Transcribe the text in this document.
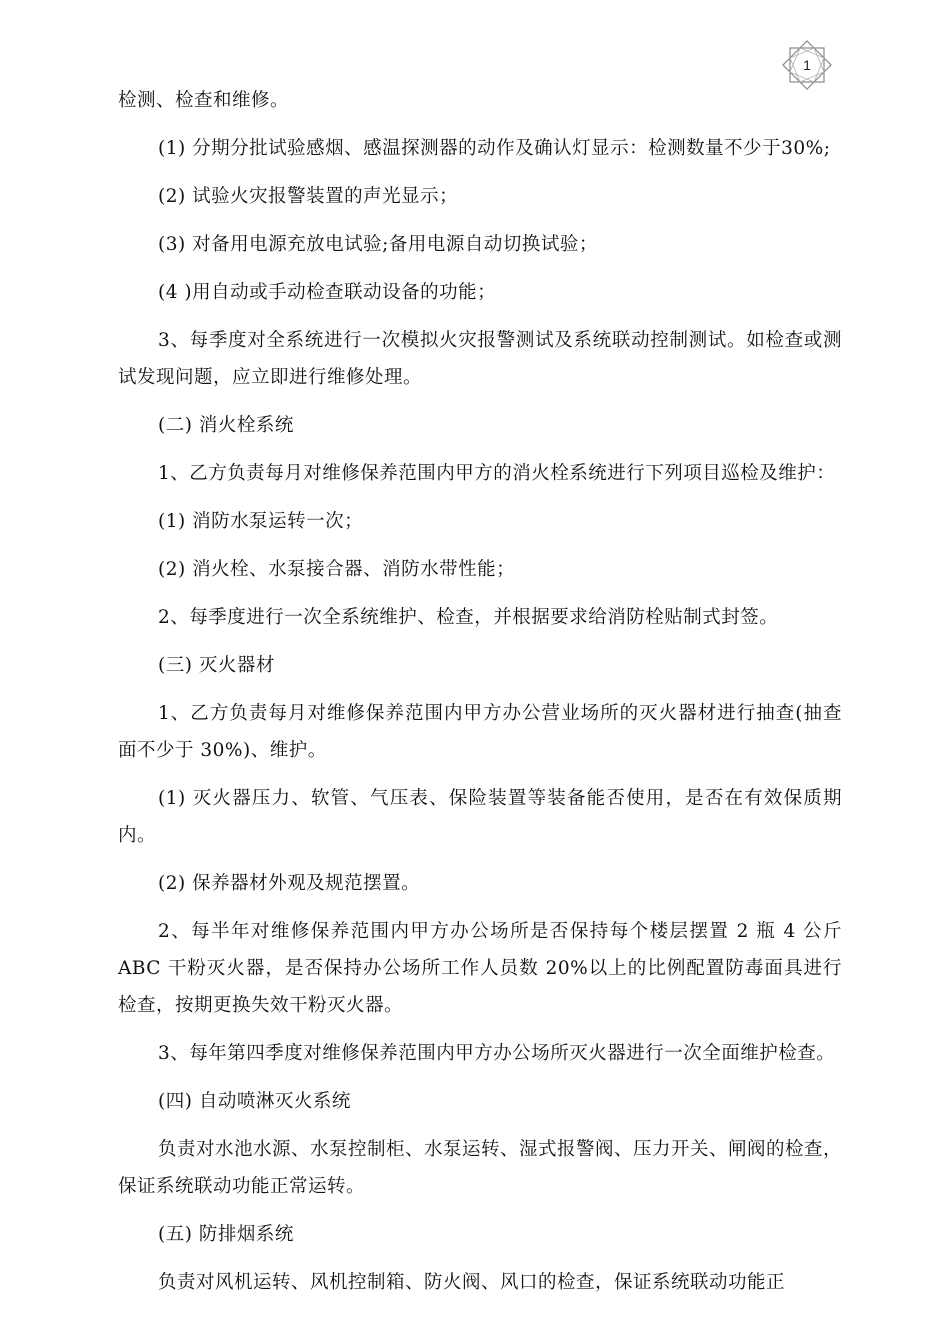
1

检测、检查和维修。

(1) 分期分批试验感烟、感温探测器的动作及确认灯显示：检测数量不少于30%;

(2) 试验火灾报警装置的声光显示；

(3) 对备用电源充放电试验;备用电源自动切换试验；

(4 )用自动或手动检查联动设备的功能；

3、每季度对全系统进行一次模拟火灾报警测试及系统联动控制测试。如检查或测试发现问题，应立即进行维修处理。

(二) 消火栓系统

1、乙方负责每月对维修保养范围内甲方的消火栓系统进行下列项目巡检及维护：

(1) 消防水泵运转一次；

(2) 消火栓、水泵接合器、消防水带性能；

2、每季度进行一次全系统维护、检查，并根据要求给消防栓贴制式封签。

(三) 灭火器材

1、乙方负责每月对维修保养范围内甲方办公营业场所的灭火器材进行抽查(抽查面不少于 30%)、维护。

(1) 灭火器压力、软管、气压表、保险装置等装备能否使用，是否在有效保质期内。

(2) 保养器材外观及规范摆置。

2、每半年对维修保养范围内甲方办公场所是否保持每个楼层摆置 2 瓶 4 公斤 ABC 干粉灭火器，是否保持办公场所工作人员数 20%以上的比例配置防毒面具进行检查，按期更换失效干粉灭火器。

3、每年第四季度对维修保养范围内甲方办公场所灭火器进行一次全面维护检查。

(四) 自动喷淋灭火系统

负责对水池水源、水泵控制柜、水泵运转、湿式报警阀、压力开关、闸阀的检查，保证系统联动功能正常运转。

(五) 防排烟系统

负责对风机运转、风机控制箱、防火阀、风口的检查，保证系统联动功能正
